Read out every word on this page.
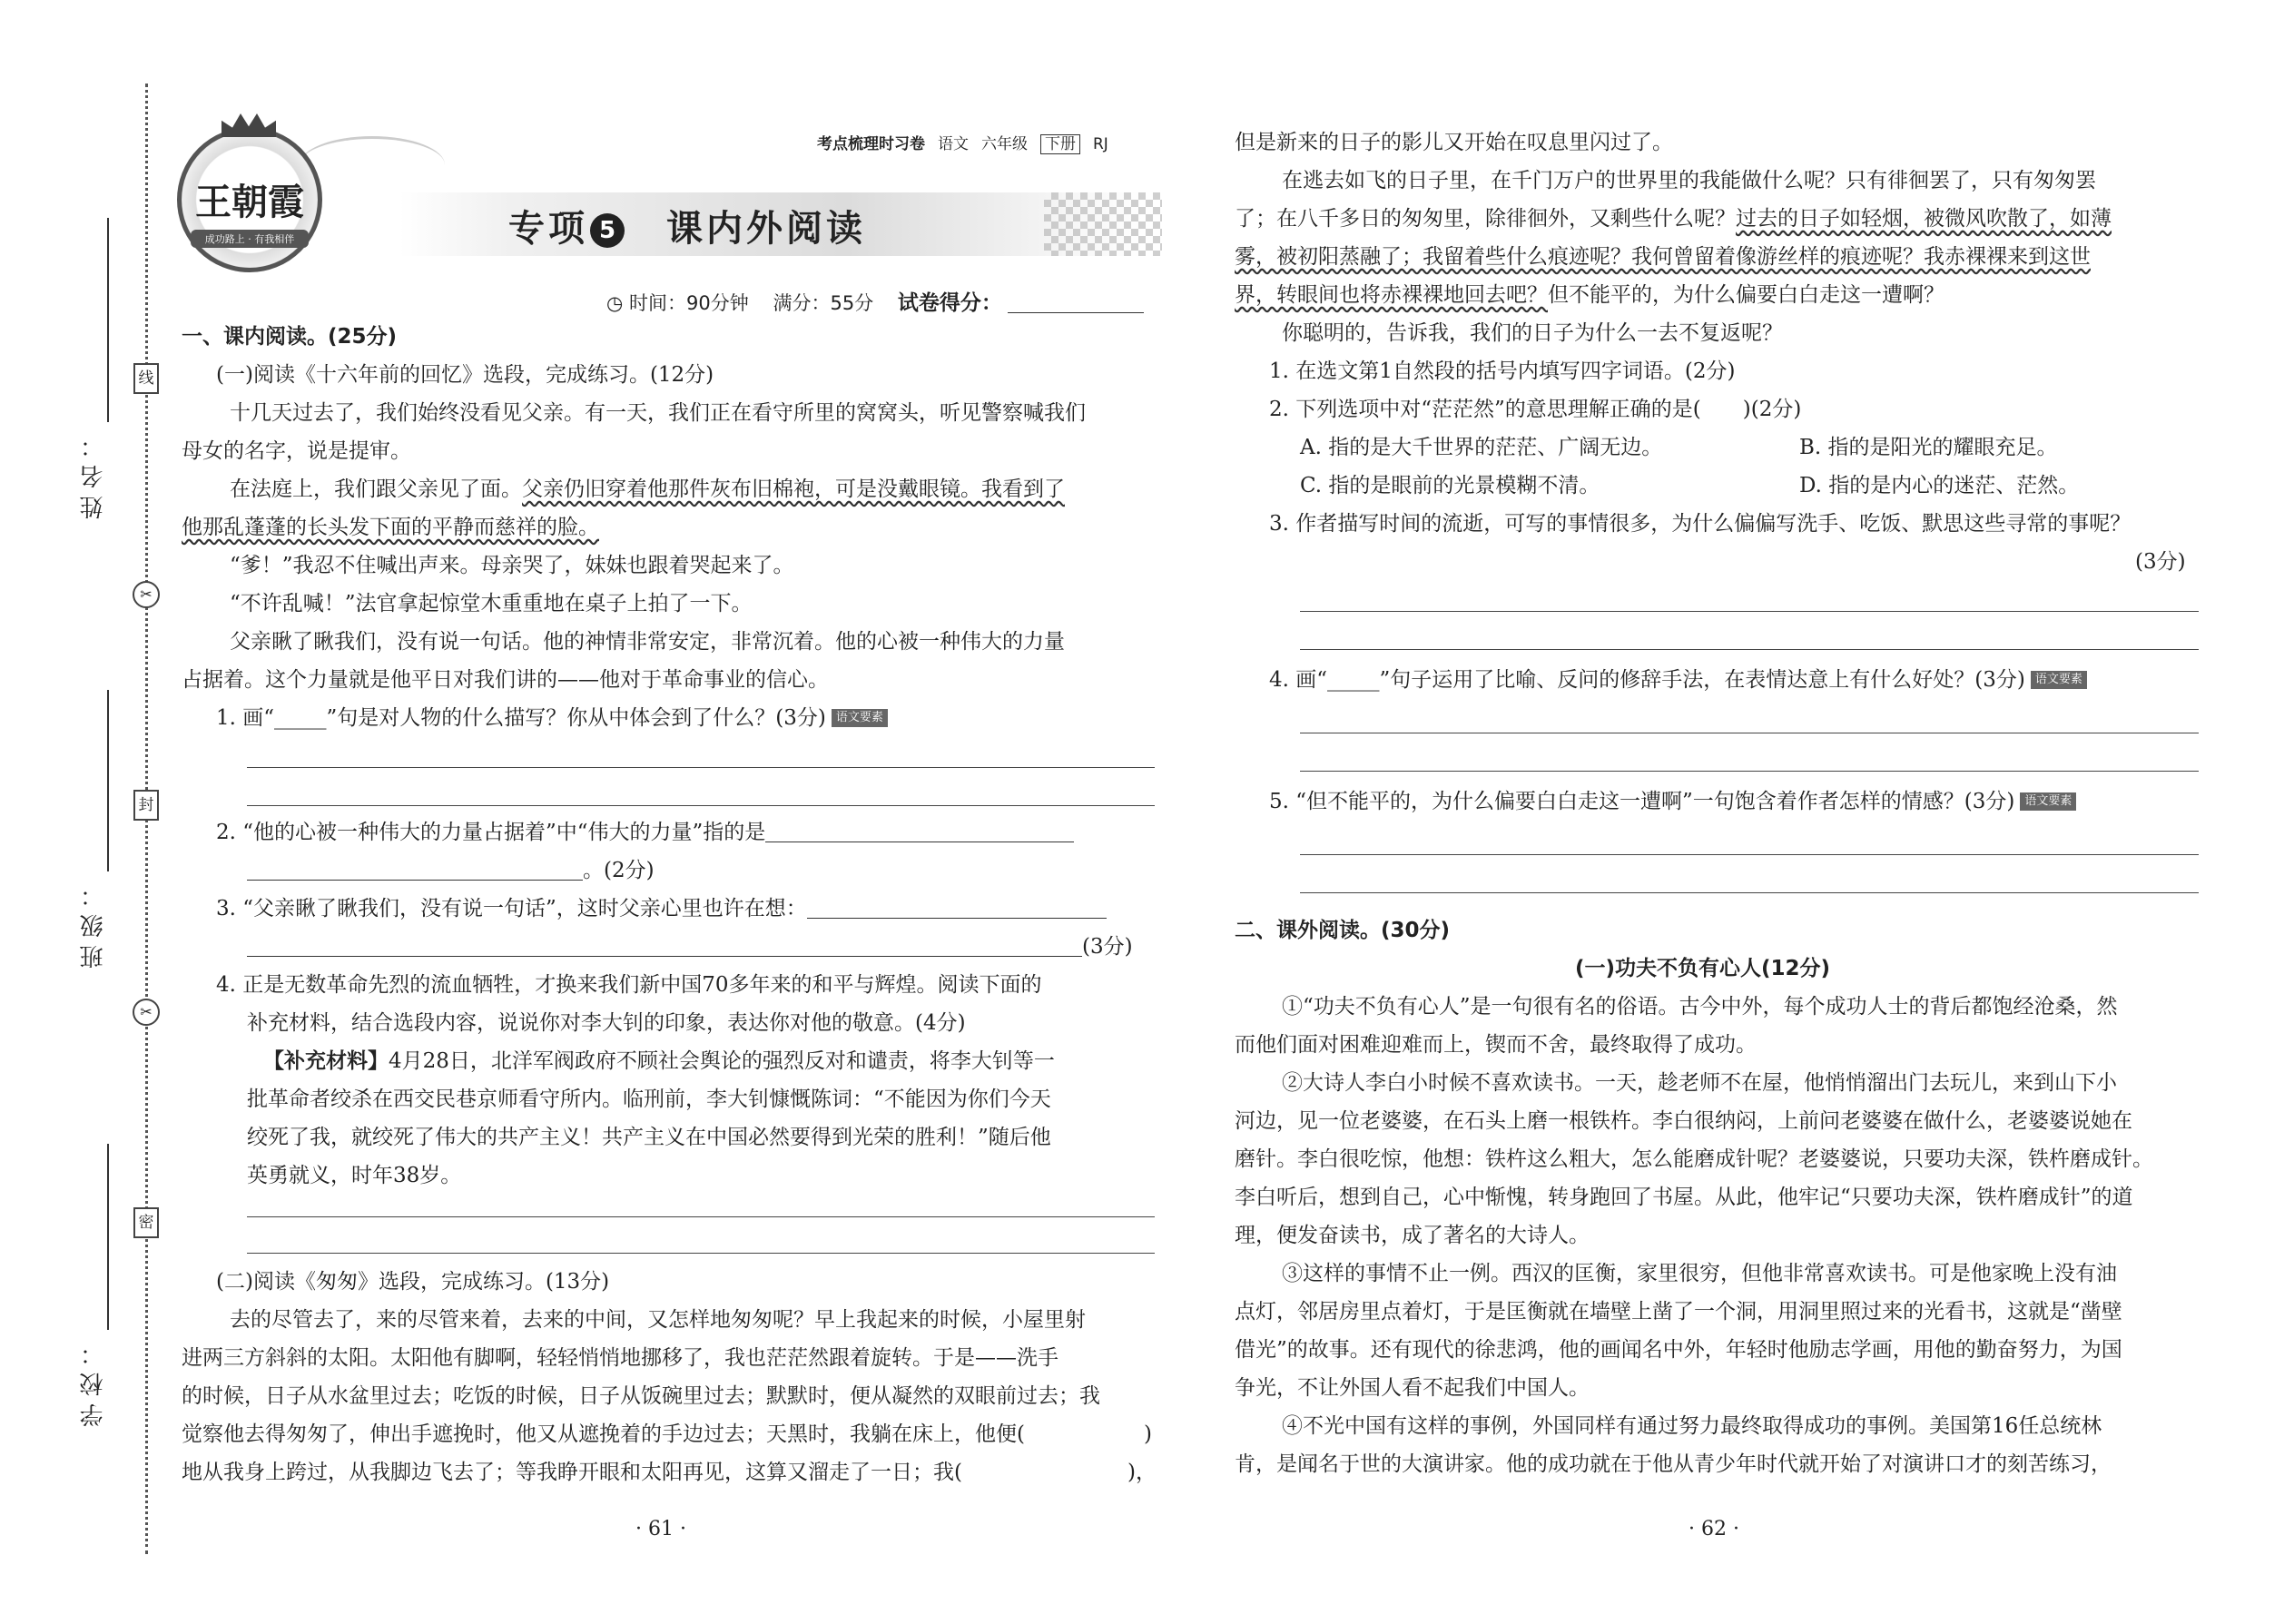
姓名：
班级：
学校：
线
✂
封
✂
密
王朝霞
成功路上 · 有我相伴
考点梳理时习卷 语文 六年级 下册 RJ
专项 5 课内外阅读
◷ 时间：90分钟 满分：55分 试卷得分：
一、课内阅读。(25分)
(一)阅读《十六年前的回忆》选段，完成练习。(12分)
十几天过去了，我们始终没看见父亲。有一天，我们正在看守所里的窝窝头，听见警察喊我们
母女的名字，说是提审。
在法庭上，我们跟父亲见了面。父亲仍旧穿着他那件灰布旧棉袍，可是没戴眼镜。我看到了
他那乱蓬蓬的长头发下面的平静而慈祥的脸。
“爹！”我忍不住喊出声来。母亲哭了，妹妹也跟着哭起来了。
“不许乱喊！”法官拿起惊堂木重重地在桌子上拍了一下。
父亲瞅了瞅我们，没有说一句话。他的神情非常安定，非常沉着。他的心被一种伟大的力量
占据着。这个力量就是他平日对我们讲的——他对于革命事业的信心。
1. 画“_____”句是对人物的什么描写？你从中体会到了什么？(3分) 语文要素
2. “他的心被一种伟大的力量占据着”中“伟大的力量”指的是
。(2分)
3. “父亲瞅了瞅我们，没有说一句话”，这时父亲心里也许在想：
(3分)
4. 正是无数革命先烈的流血牺牲，才换来我们新中国70多年来的和平与辉煌。阅读下面的
补充材料，结合选段内容，说说你对李大钊的印象，表达你对他的敬意。(4分)
【补充材料】4月28日，北洋军阀政府不顾社会舆论的强烈反对和谴责，将李大钊等一
批革命者绞杀在西交民巷京师看守所内。临刑前，李大钊慷慨陈词：“不能因为你们今天
绞死了我，就绞死了伟大的共产主义！共产主义在中国必然要得到光荣的胜利！”随后他
英勇就义，时年38岁。
(二)阅读《匆匆》选段，完成练习。(13分)
去的尽管去了，来的尽管来着，去来的中间，又怎样地匆匆呢？早上我起来的时候，小屋里射
进两三方斜斜的太阳。太阳他有脚啊，轻轻悄悄地挪移了，我也茫茫然跟着旋转。于是——洗手
的时候，日子从水盆里过去；吃饭的时候，日子从饭碗里过去；默默时，便从凝然的双眼前过去；我
觉察他去得匆匆了，伸出手遮挽时，他又从遮挽着的手边过去；天黑时，我躺在床上，他便(	)
地从我身上跨过，从我脚边飞去了；等我睁开眼和太阳再见，这算又溜走了一日；我(	)，
· 61 ·
但是新来的日子的影儿又开始在叹息里闪过了。
在逃去如飞的日子里，在千门万户的世界里的我能做什么呢？只有徘徊罢了，只有匆匆罢
了；在八千多日的匆匆里，除徘徊外，又剩些什么呢？过去的日子如轻烟，被微风吹散了，如薄
雾，被初阳蒸融了；我留着些什么痕迹呢？我何曾留着像游丝样的痕迹呢？我赤裸裸来到这世
界，转眼间也将赤裸裸地回去吧？但不能平的，为什么偏要白白走这一遭啊？
你聪明的，告诉我，我们的日子为什么一去不复返呢？
1. 在选文第1自然段的括号内填写四字词语。(2分)
2. 下列选项中对“茫茫然”的意思理解正确的是(　　)(2分)
A. 指的是大千世界的茫茫、广阔无边。	B. 指的是阳光的耀眼充足。
C. 指的是眼前的光景模糊不清。	D. 指的是内心的迷茫、茫然。
3. 作者描写时间的流逝，可写的事情很多，为什么偏偏写洗手、吃饭、默思这些寻常的事呢？
(3分)
4. 画“_____”句子运用了比喻、反问的修辞手法，在表情达意上有什么好处？(3分) 语文要素
5. “但不能平的，为什么偏要白白走这一遭啊”一句饱含着作者怎样的情感？(3分) 语文要素
二、课外阅读。(30分)
(一)功夫不负有心人(12分)
①“功夫不负有心人”是一句很有名的俗语。古今中外，每个成功人士的背后都饱经沧桑，然
而他们面对困难迎难而上，锲而不舍，最终取得了成功。
②大诗人李白小时候不喜欢读书。一天，趁老师不在屋，他悄悄溜出门去玩儿，来到山下小
河边，见一位老婆婆，在石头上磨一根铁杵。李白很纳闷，上前问老婆婆在做什么，老婆婆说她在
磨针。李白很吃惊，他想：铁杵这么粗大，怎么能磨成针呢？老婆婆说，只要功夫深，铁杵磨成针。
李白听后，想到自己，心中惭愧，转身跑回了书屋。从此，他牢记“只要功夫深，铁杵磨成针”的道
理，便发奋读书，成了著名的大诗人。
③这样的事情不止一例。西汉的匡衡，家里很穷，但他非常喜欢读书。可是他家晚上没有油
点灯，邻居房里点着灯，于是匡衡就在墙壁上凿了一个洞，用洞里照过来的光看书，这就是“凿壁
借光”的故事。还有现代的徐悲鸿，他的画闻名中外，年轻时他励志学画，用他的勤奋努力，为国
争光，不让外国人看不起我们中国人。
④不光中国有这样的事例，外国同样有通过努力最终取得成功的事例。美国第16任总统林
肯，是闻名于世的大演讲家。他的成功就在于他从青少年时代就开始了对演讲口才的刻苦练习，
· 62 ·
